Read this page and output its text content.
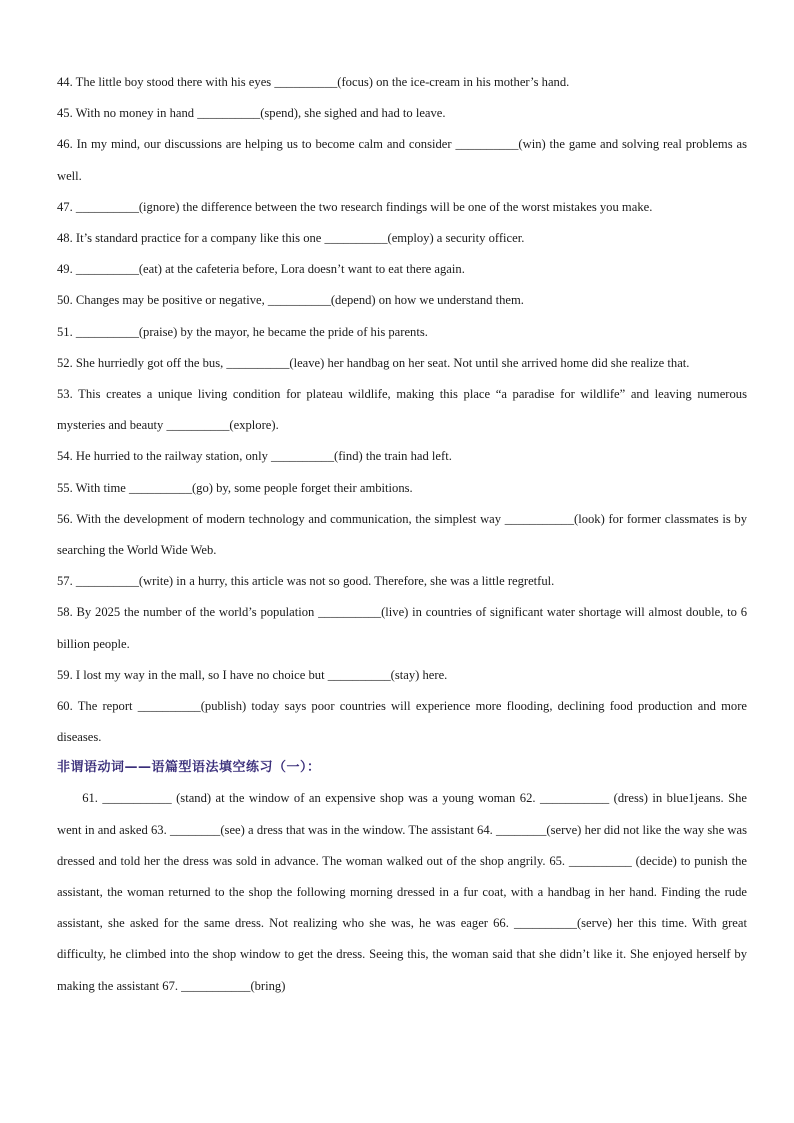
44. The little boy stood there with his eyes __________(focus) on the ice-cream in his mother’s hand.

45. With no money in hand __________(spend), she sighed and had to leave.

46. In my mind, our discussions are helping us to become calm and consider __________(win) the game and solving real problems as well.

47. __________(ignore) the difference between the two research findings will be one of the worst mistakes you make.

48. It’s standard practice for a company like this one __________(employ) a security officer.

49. __________(eat) at the cafeteria before, Lora doesn’t want to eat there again.

50. Changes may be positive or negative, __________(depend) on how we understand them.

51. __________(praise) by the mayor, he became the pride of his parents.

52. She hurriedly got off the bus, __________(leave) her handbag on her seat. Not until she arrived home did she realize that.

53. This creates a unique living condition for plateau wildlife, making this place “a paradise for wildlife” and leaving numerous mysteries and beauty __________(explore).

54. He hurried to the railway station, only __________(find) the train had left.

55. With time __________(go) by, some people forget their ambitions.

56. With the development of modern technology and communication, the simplest way ___________(look) for former classmates is by searching the World Wide Web.

57. __________(write) in a hurry, this article was not so good. Therefore, she was a little regretful.

58. By 2025 the number of the world’s population __________(live) in countries of significant water shortage will almost double, to 6 billion people.

59. I lost my way in the mall, so I have no choice but __________(stay) here.

60. The report __________(publish) today says poor countries will experience more flooding, declining food production and more diseases.

非谓语动词——语篇型语法填空练习（一）：

61. ___________ (stand) at the window of an expensive shop was a young woman 62. ___________ (dress) in blue1jeans. She went in and asked 63. ________(see) a dress that was in the window. The assistant 64. ________(serve) her did not like the way she was dressed and told her the dress was sold in advance. The woman walked out of the shop angrily. 65. __________ (decide) to punish the assistant, the woman returned to the shop the following morning dressed in a fur coat, with a handbag in her hand. Finding the rude assistant, she asked for the same dress. Not realizing who she was, he was eager 66. __________(serve) her this time. With great difficulty, he climbed into the shop window to get the dress. Seeing this, the woman said that she didn’t like it. She enjoyed herself by making the assistant 67. ___________(bring)
